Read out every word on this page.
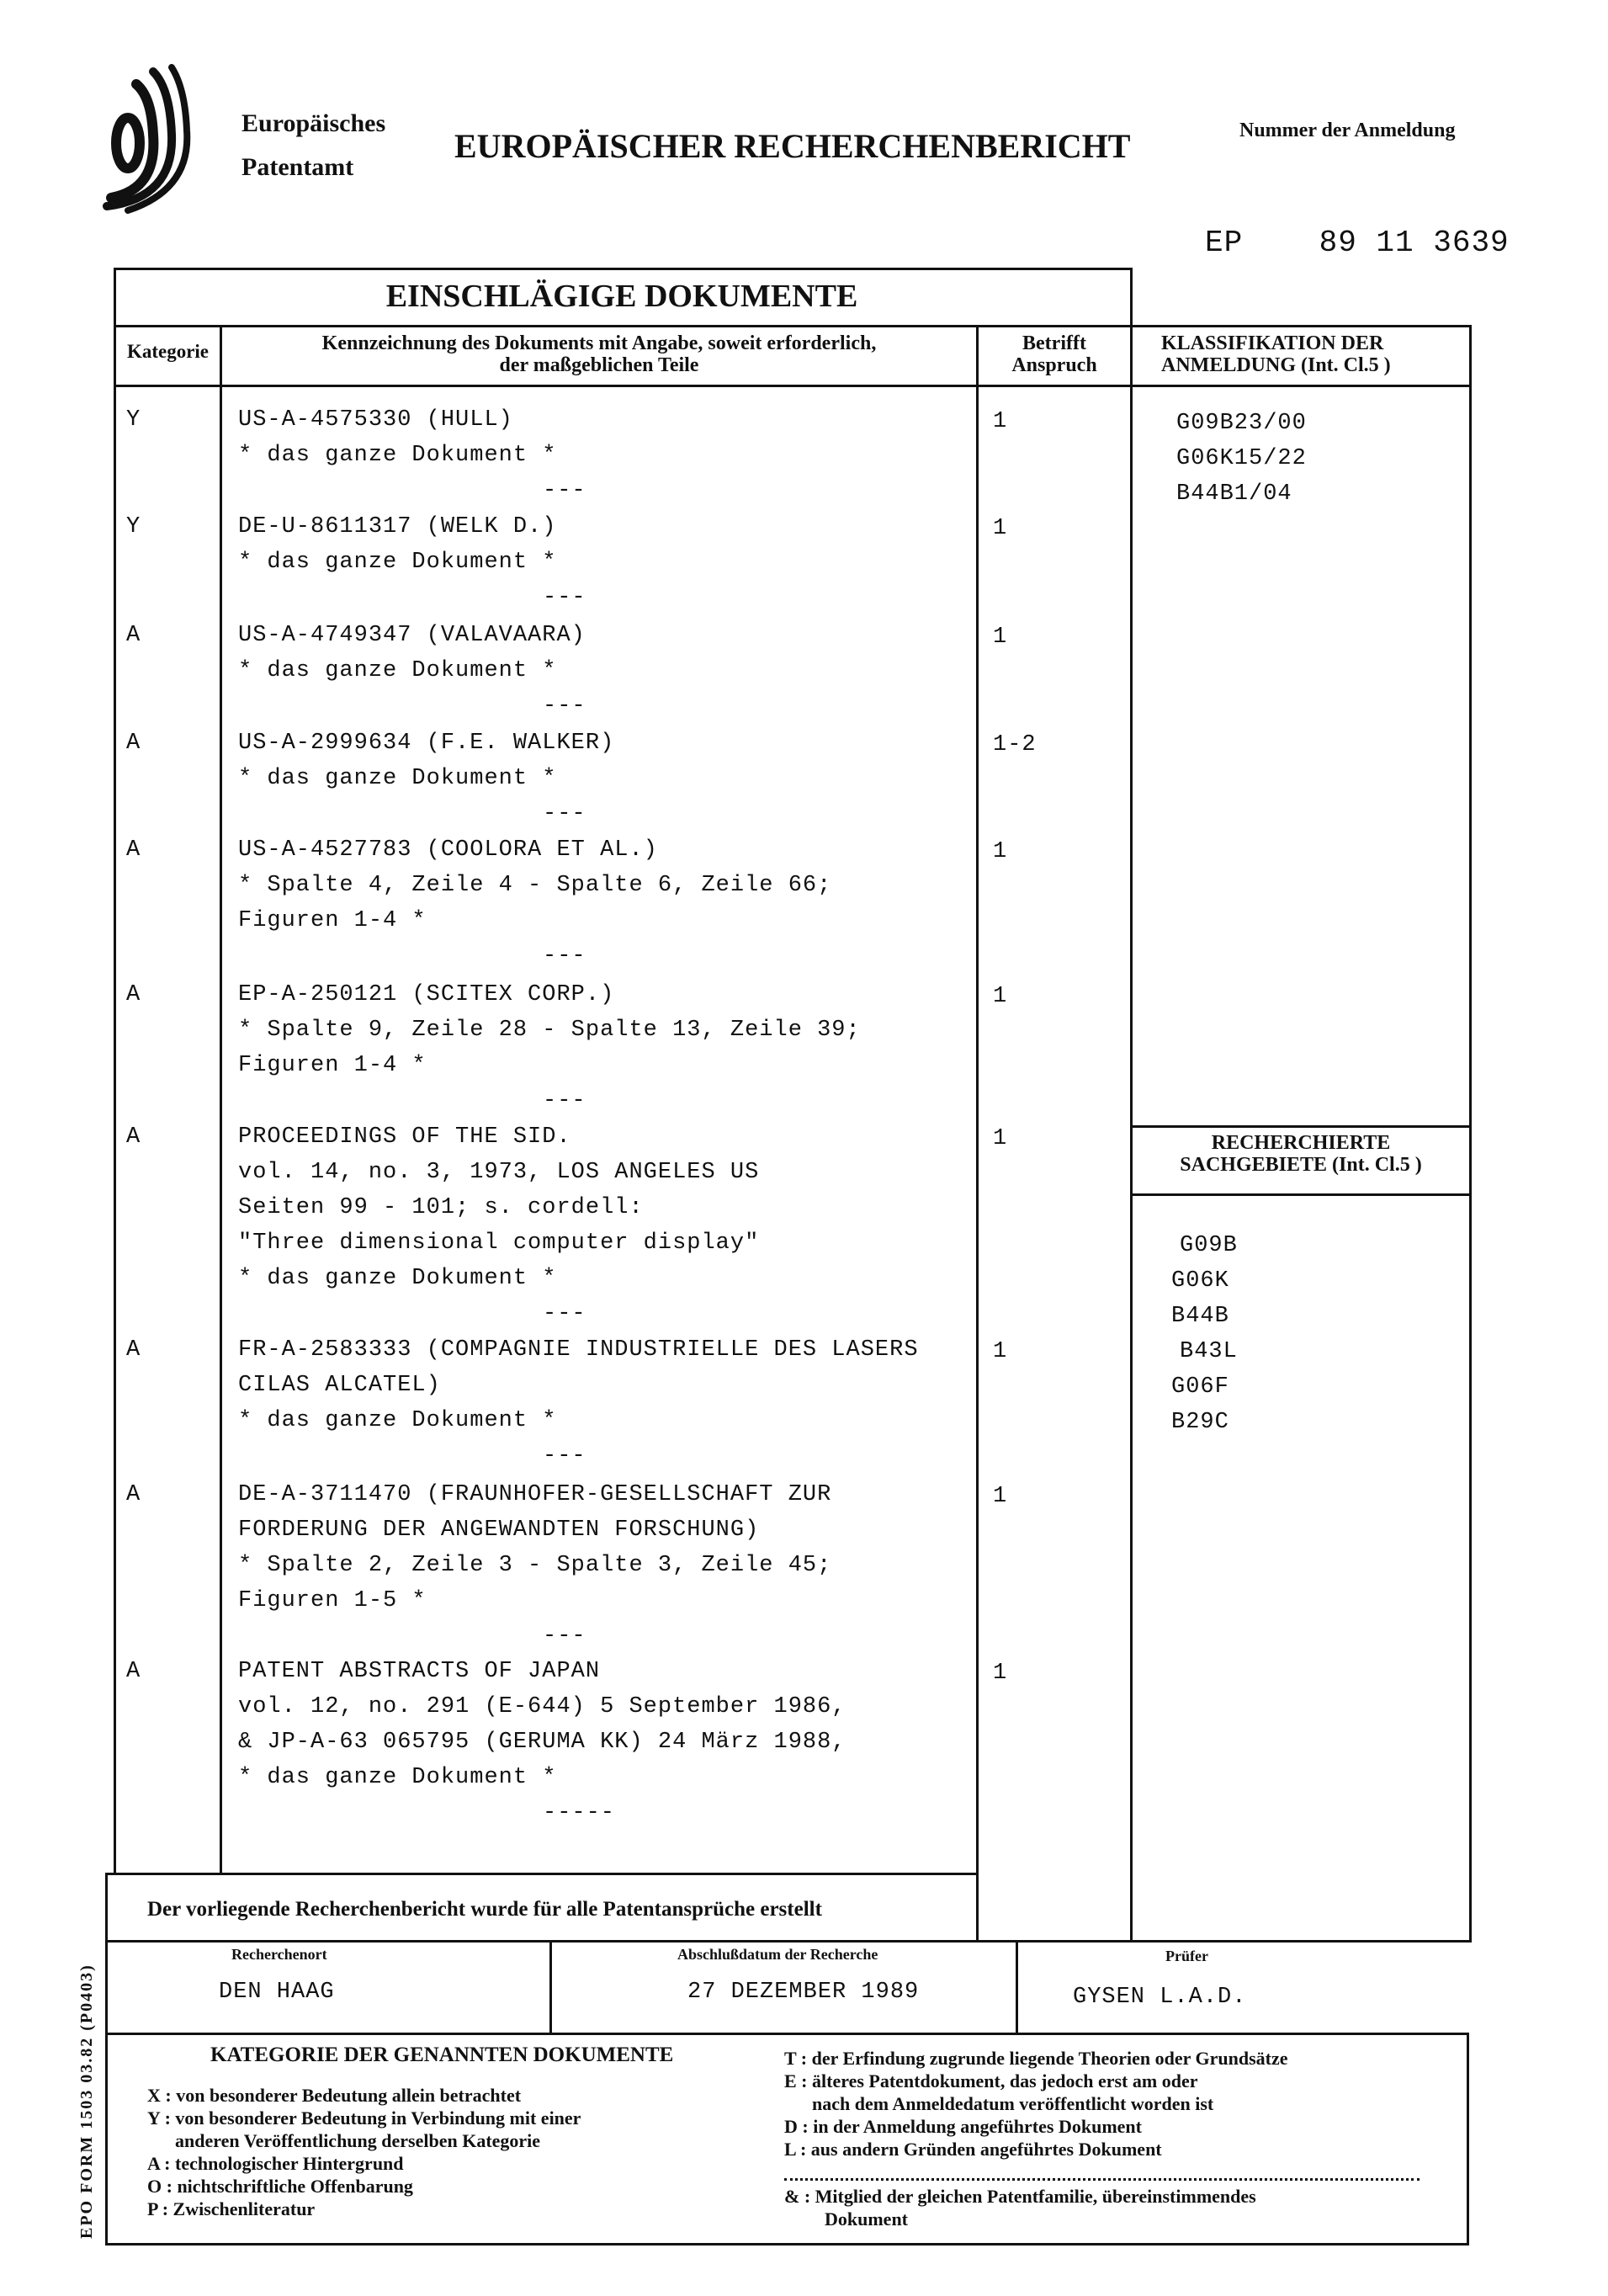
Europäisches
Patentamt
EUROPÄISCHER RECHERCHENBERICHT	Nummer der Anmeldung
EP    89 11 3639
EINSCHLÄGIGE DOKUMENTE
Kategorie	Kennzeichnung des Dokuments mit Angabe, soweit erforderlich,
der maßgeblichen Teile
Betrifft
Anspruch
KLASSIFIKATION DER
ANMELDUNG (Int. Cl.5 )
Y	1
US-A-4575330 (HULL)
* das ganze Dokument *
---
Y	1
DE-U-8611317 (WELK D.)
* das ganze Dokument *
---
A	1
US-A-4749347 (VALAVAARA)
* das ganze Dokument *
---
A	1-2
US-A-2999634 (F.E. WALKER)
* das ganze Dokument *
---
A	1
US-A-4527783 (COOLORA ET AL.)
* Spalte 4, Zeile 4 - Spalte 6, Zeile 66;
Figuren 1-4 *
---
A	1
EP-A-250121 (SCITEX CORP.)
* Spalte 9, Zeile 28 - Spalte 13, Zeile 39;
Figuren 1-4 *
---
A	1
PROCEEDINGS OF THE SID.
vol. 14, no. 3, 1973, LOS ANGELES US
Seiten 99 - 101; s. cordell:
"Three dimensional computer display"
* das ganze Dokument *
---
A	1
FR-A-2583333 (COMPAGNIE INDUSTRIELLE DES LASERS
CILAS ALCATEL)
* das ganze Dokument *
---
A	1
DE-A-3711470 (FRAUNHOFER-GESELLSCHAFT ZUR
FORDERUNG DER ANGEWANDTEN FORSCHUNG)
* Spalte 2, Zeile 3 - Spalte 3, Zeile 45;
Figuren 1-5 *
---
A	1
PATENT ABSTRACTS OF JAPAN
vol. 12, no. 291 (E-644) 5 September 1986,
& JP-A-63 065795 (GERUMA KK) 24 März 1988,
* das ganze Dokument *
-----
G09B23/00
G06K15/22
B44B1/04
RECHERCHIERTE
SACHGEBIETE (Int. Cl.5 )
G09B
G06K
B44B
B43L
G06F
B29C
Der vorliegende Recherchenbericht wurde für alle Patentansprüche erstellt
Recherchenort
DEN HAAG
Abschlußdatum der Recherche
27 DEZEMBER 1989
Prüfer
GYSEN L.A.D.
KATEGORIE DER GENANNTEN DOKUMENTE
X : von besonderer Bedeutung allein betrachtet
Y : von besonderer Bedeutung in Verbindung mit einer
anderen Veröffentlichung derselben Kategorie
A : technologischer Hintergrund
O : nichtschriftliche Offenbarung
P : Zwischenliteratur
T : der Erfindung zugrunde liegende Theorien oder Grundsätze
E : älteres Patentdokument, das jedoch erst am oder
nach dem Anmeldedatum veröffentlicht worden ist
D : in der Anmeldung angeführtes Dokument
L : aus andern Gründen angeführtes Dokument
& : Mitglied der gleichen Patentfamilie, übereinstimmendes
Dokument
EPO FORM 1503 03.82 (P0403)
